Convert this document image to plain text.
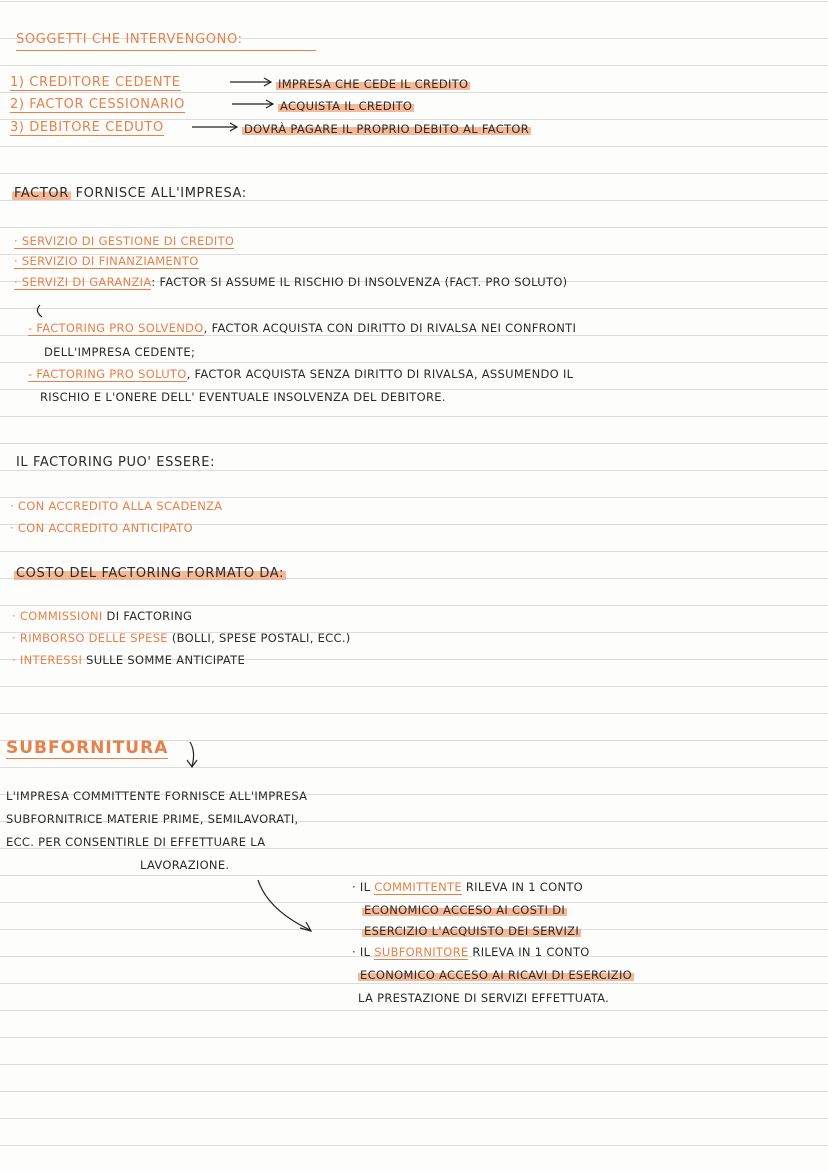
SOGGETTI CHE INTERVENGONO:
1) CREDITORE CEDENTE	IMPRESA CHE CEDE IL CREDITO
2) FACTOR CESSIONARIO	ACQUISTA IL CREDITO
3) DEBITORE CEDUTO	DOVRÀ PAGARE IL PROPRIO DEBITO AL FACTOR
FACTOR FORNISCE ALL'IMPRESA:
· SERVIZIO DI GESTIONE DI CREDITO
· SERVIZIO DI FINANZIAMENTO
· SERVIZI DI GARANZIA: FACTOR SI ASSUME IL RISCHIO DI INSOLVENZA (FACT. PRO SOLUTO)
- FACTORING PRO SOLVENDO, FACTOR ACQUISTA CON DIRITTO DI RIVALSA NEI CONFRONTI
DELL'IMPRESA CEDENTE;
- FACTORING PRO SOLUTO, FACTOR ACQUISTA SENZA DIRITTO DI RIVALSA, ASSUMENDO IL
RISCHIO E L'ONERE DELL' EVENTUALE INSOLVENZA DEL DEBITORE.
IL FACTORING PUO' ESSERE:
· CON ACCREDITO ALLA SCADENZA
· CON ACCREDITO ANTICIPATO
COSTO DEL FACTORING FORMATO DA:
· COMMISSIONI DI FACTORING
· RIMBORSO DELLE SPESE (BOLLI, SPESE POSTALI, ECC.)
· INTERESSI SULLE SOMME ANTICIPATE
SUBFORNITURA
L'IMPRESA COMMITTENTE FORNISCE ALL'IMPRESA
SUBFORNITRICE MATERIE PRIME, SEMILAVORATI,
ECC. PER CONSENTIRLE DI EFFETTUARE LA
LAVORAZIONE.
· IL COMMITTENTE RILEVA IN 1 CONTO
ECONOMICO ACCESO AI COSTI DI
ESERCIZIO L'ACQUISTO DEI SERVIZI
· IL SUBFORNITORE RILEVA IN 1 CONTO
ECONOMICO ACCESO AI RICAVI DI ESERCIZIO
LA PRESTAZIONE DI SERVIZI EFFETTUATA.
